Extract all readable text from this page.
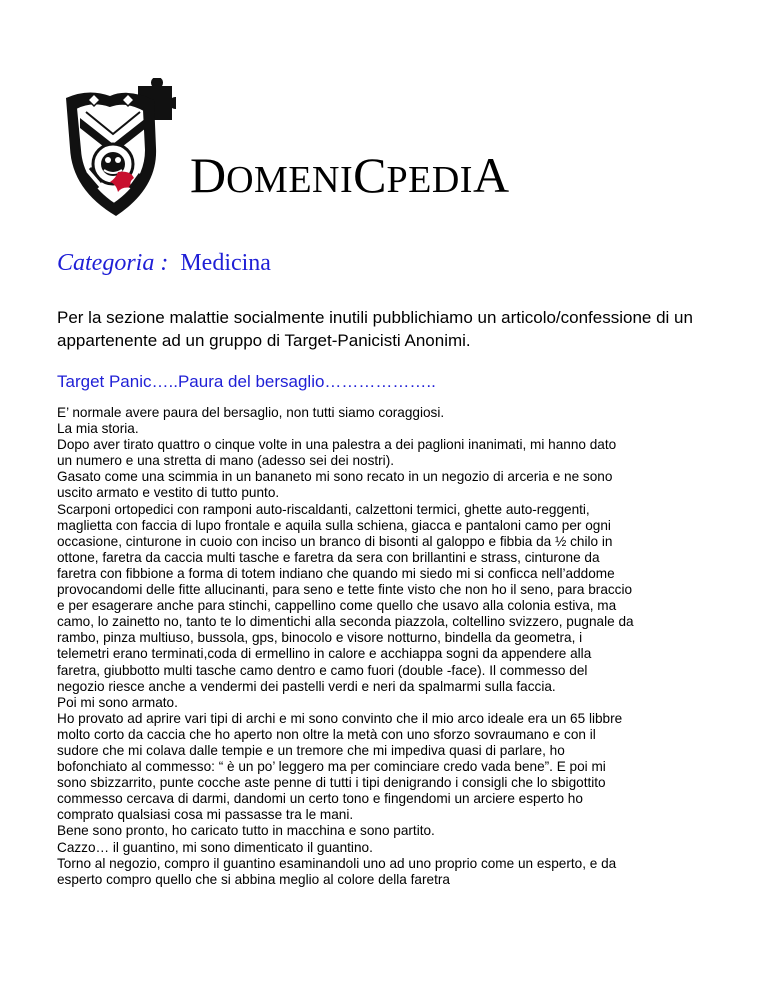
DOMENICPEDIA
Categoria : Medicina
Per la sezione malattie socialmente inutili pubblichiamo un articolo/confessione di un appartenente ad un gruppo di Target-Panicisti Anonimi.
Target Panic…..Paura del bersaglio………………..
E’ normale avere paura del bersaglio, non tutti siamo coraggiosi.
La mia storia.
Dopo aver tirato quattro o cinque volte in una palestra a dei paglioni inanimati, mi hanno dato
un numero e una stretta di mano (adesso sei dei nostri).
Gasato come una scimmia in un bananeto mi sono recato in un negozio di arceria e ne sono
uscito armato e vestito di tutto punto.
Scarponi ortopedici con ramponi auto-riscaldanti, calzettoni termici, ghette auto-reggenti,
maglietta con faccia di lupo frontale e aquila sulla schiena, giacca e pantaloni camo per ogni
occasione, cinturone in cuoio con inciso un branco di bisonti al galoppo e fibbia da ½ chilo in
ottone, faretra da caccia multi tasche e faretra da sera con brillantini e strass, cinturone da
faretra con fibbione a forma di totem indiano che quando mi siedo mi si conficca nell’addome
provocandomi delle fitte allucinanti, para seno e tette finte visto che non ho il seno, para braccio
e per esagerare anche para stinchi, cappellino come quello che usavo alla colonia estiva, ma
camo, lo zainetto no, tanto te lo dimentichi alla seconda piazzola, coltellino svizzero, pugnale da
rambo, pinza multiuso, bussola, gps, binocolo e visore notturno, bindella da geometra, i
telemetri erano terminati,coda di ermellino in calore e acchiappa sogni da appendere alla
faretra, giubbotto multi tasche camo dentro e camo fuori (double -face). Il commesso del
negozio riesce anche a vendermi dei pastelli verdi e neri da spalmarmi sulla faccia.
Poi mi sono armato.
Ho provato ad aprire vari tipi di archi e mi sono convinto che il mio arco ideale era un 65 libbre
molto corto da caccia che ho aperto non oltre la metà con uno sforzo sovraumano e con il
sudore che mi colava dalle tempie e un tremore che mi impediva quasi di parlare, ho
bofonchiato al commesso: “ è un po’ leggero ma per cominciare credo vada bene”. E poi mi
sono sbizzarrito, punte cocche aste penne di tutti i tipi denigrando i consigli che lo sbigottito
commesso cercava di darmi, dandomi un certo tono e fingendomi un arciere esperto ho
comprato qualsiasi cosa mi passasse tra le mani.
Bene sono pronto, ho caricato tutto in macchina e sono partito.
Cazzo… il guantino, mi sono dimenticato il guantino.
Torno al negozio, compro il guantino esaminandoli uno ad uno proprio come un esperto, e da
esperto compro quello che si abbina meglio al colore della faretra
